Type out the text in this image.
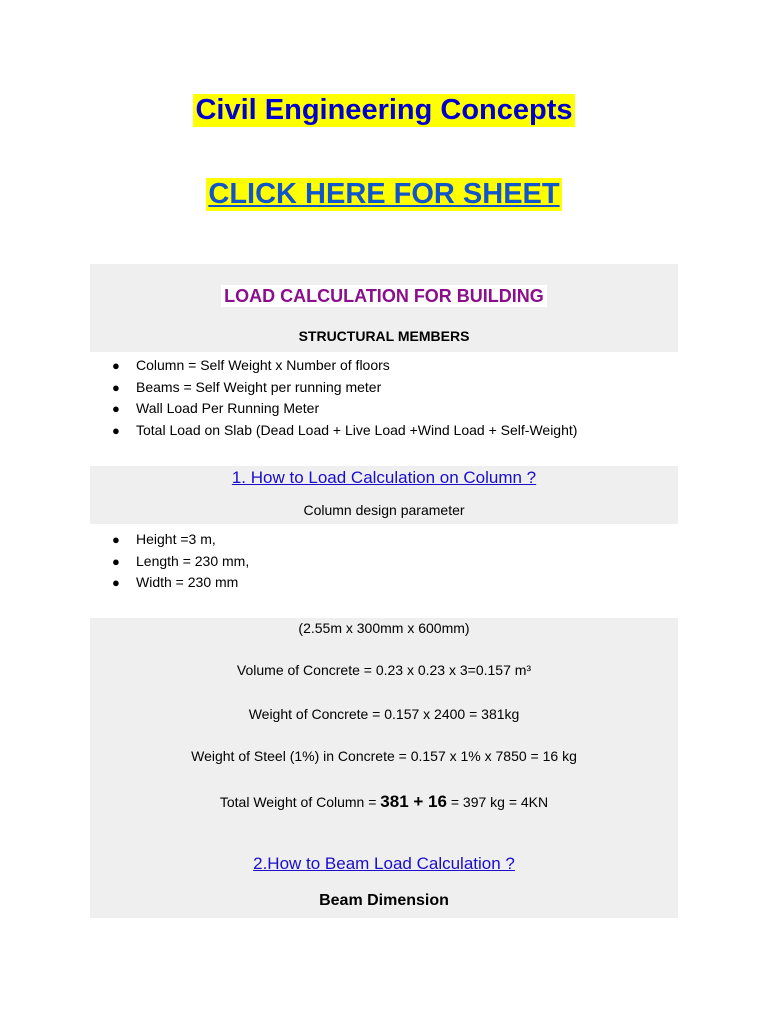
Civil Engineering Concepts
CLICK HERE FOR SHEET
LOAD CALCULATION FOR BUILDING
STRUCTURAL MEMBERS
● Column = Self Weight x Number of floors
● Beams = Self Weight per running meter
● Wall Load Per Running Meter
● Total Load on Slab (Dead Load + Live Load +Wind Load + Self-Weight)
1. How to Load Calculation on Column ?
Column design parameter
● Height =3 m,
● Length = 230 mm,
● Width = 230 mm
(2.55m x 300mm x 600mm)
Volume of Concrete = 0.23 x 0.23 x 3=0.157 m³
Weight of Concrete = 0.157 x 2400 = 381kg
Weight of Steel (1%) in Concrete = 0.157 x 1% x 7850 = 16 kg
Total Weight of Column = 381 + 16 = 397 kg = 4KN
2.How to Beam Load Calculation ?
Beam Dimension
